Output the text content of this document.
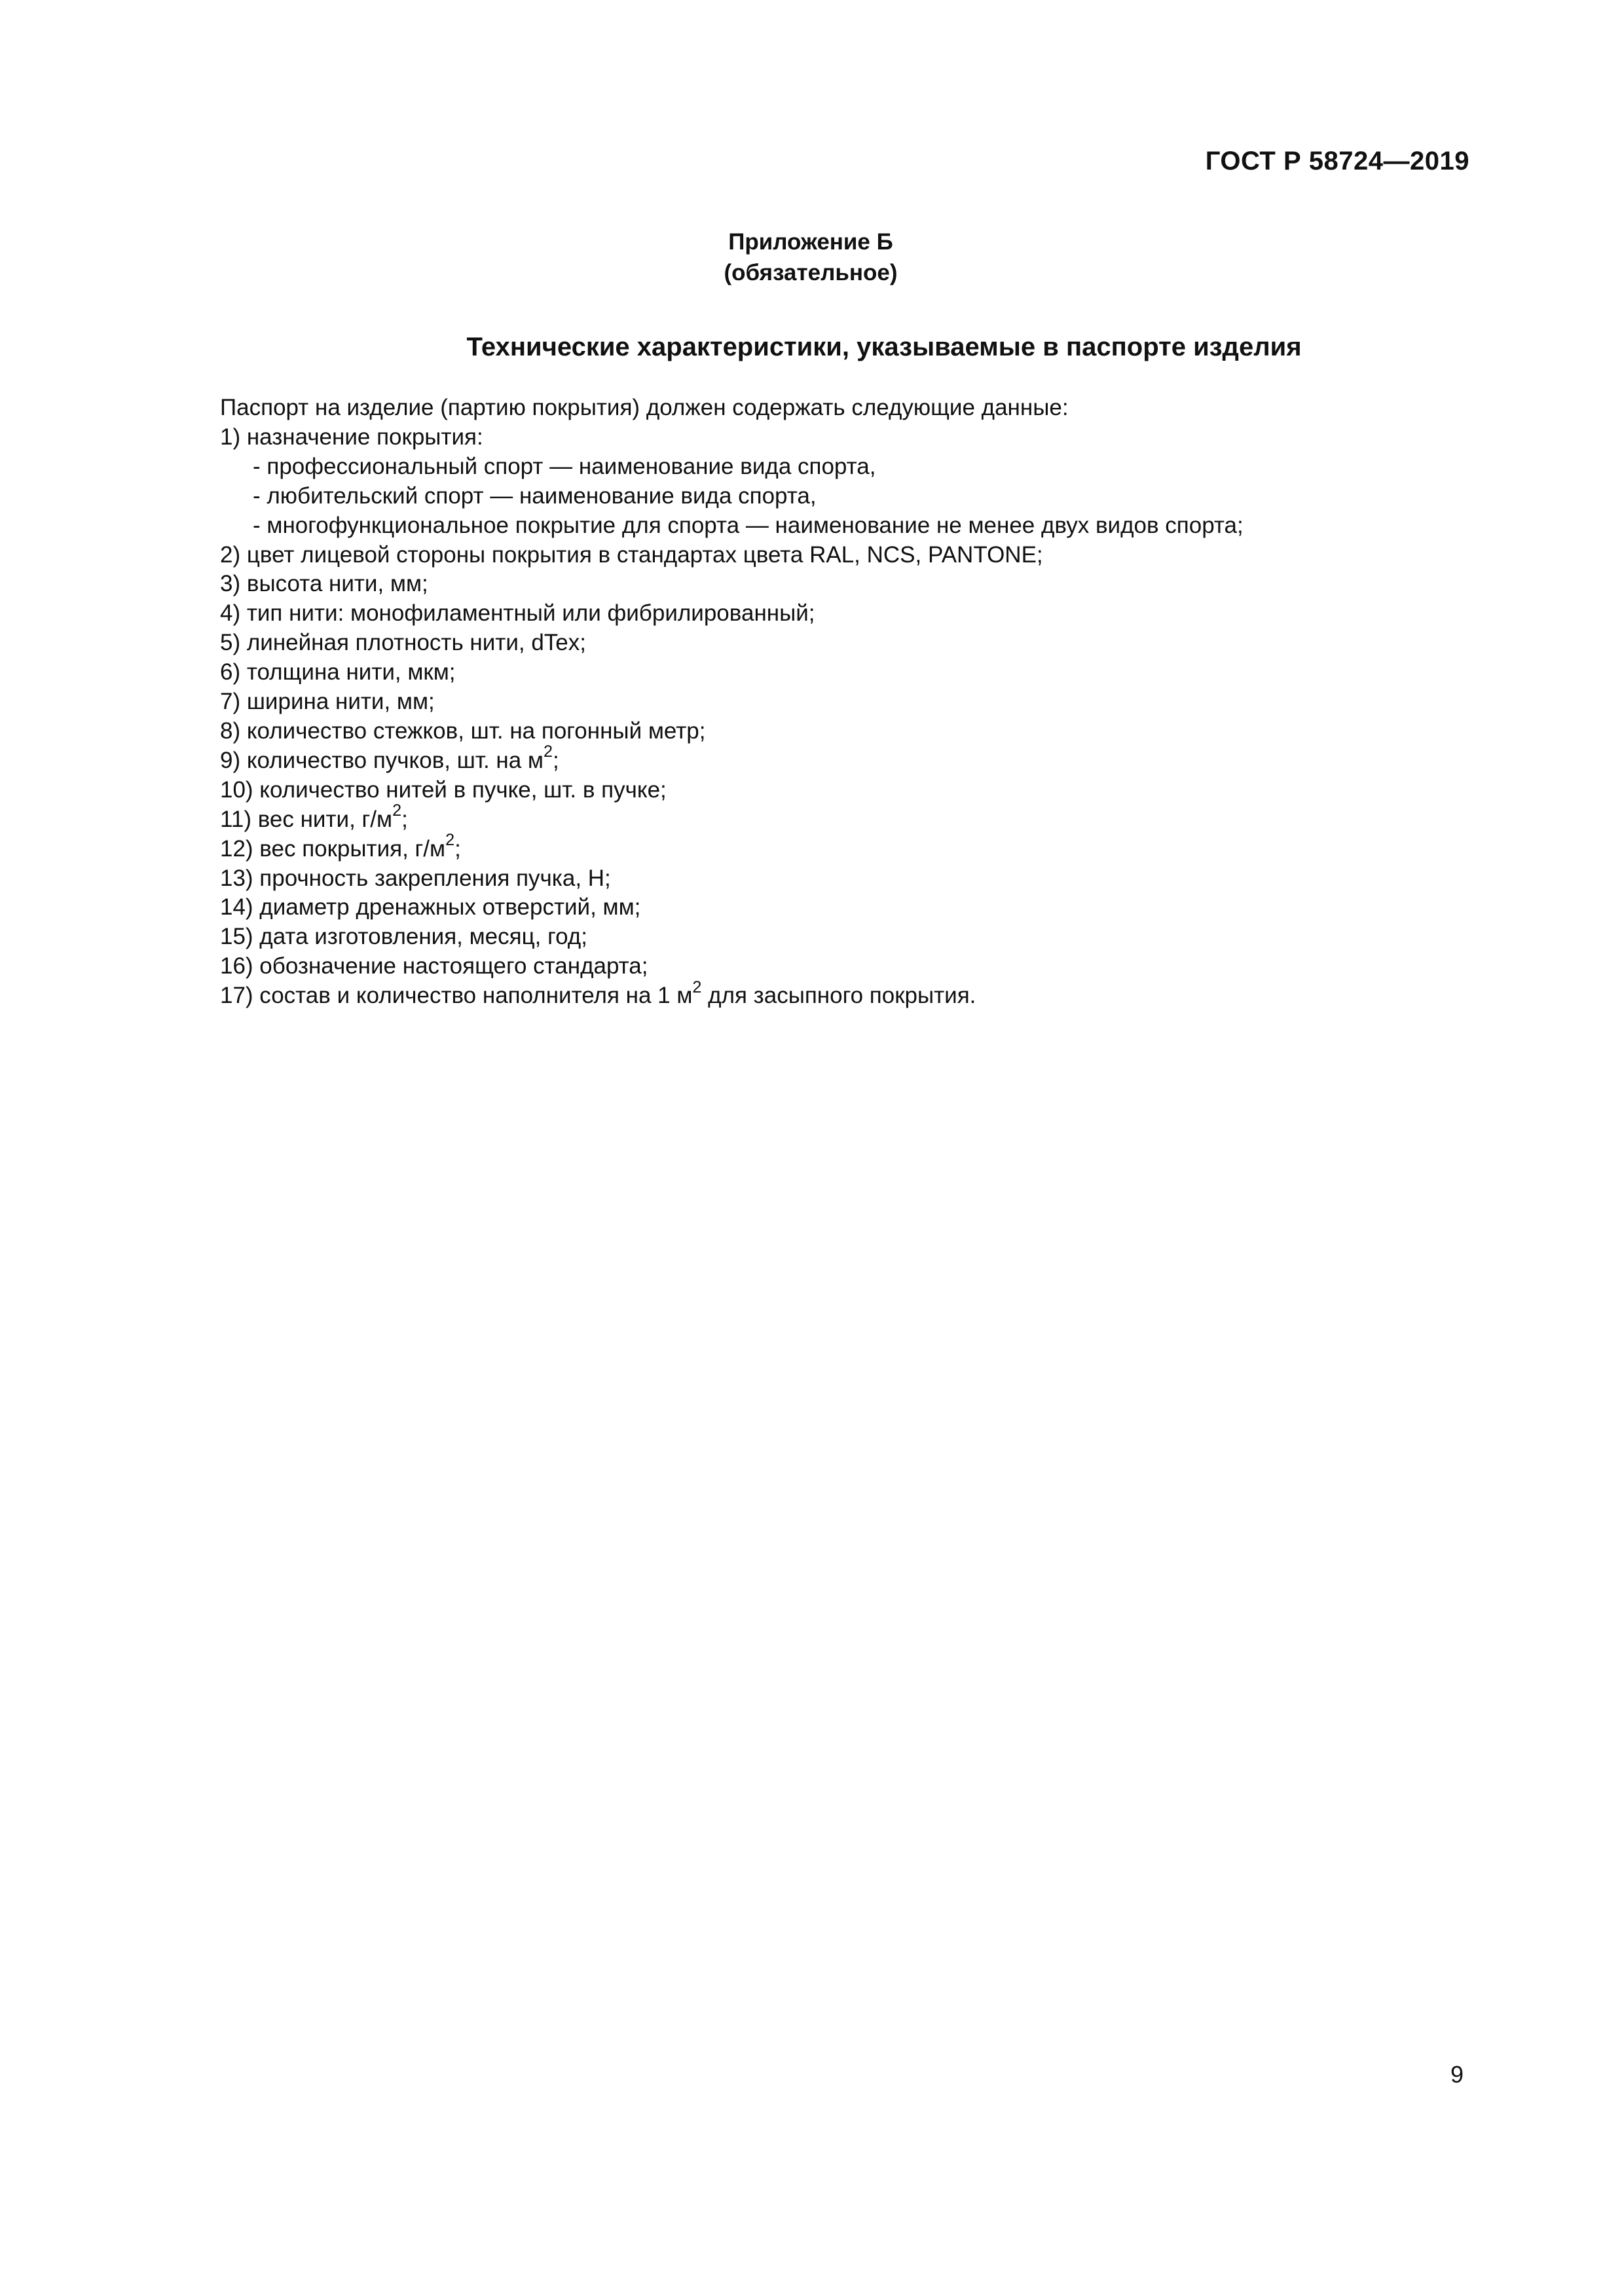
ГОСТ Р 58724—2019
Приложение Б
(обязательное)
Технические характеристики, указываемые в паспорте изделия
Паспорт на изделие (партию покрытия) должен содержать следующие данные:
1) назначение покрытия:
- профессиональный спорт — наименование вида спорта,
- любительский спорт — наименование вида спорта,
- многофункциональное покрытие для спорта — наименование не менее двух видов спорта;
2) цвет лицевой стороны покрытия в стандартах цвета RAL, NCS, PANTONE;
3) высота нити, мм;
4) тип нити: монофиламентный или фибрилированный;
5) линейная плотность нити, dTex;
6) толщина нити, мкм;
7) ширина нити, мм;
8) количество стежков, шт. на погонный метр;
9) количество пучков, шт. на $м^2$;
10) количество нитей в пучке, шт. в пучке;
11) вес нити, $г/м^2$;
12) вес покрытия, $г/м^2$;
13) прочность закрепления пучка, Н;
14) диаметр дренажных отверстий, мм;
15) дата изготовления, месяц, год;
16) обозначение настоящего стандарта;
17) состав и количество наполнителя на 1 $м^2$ для засыпного покрытия.
9
